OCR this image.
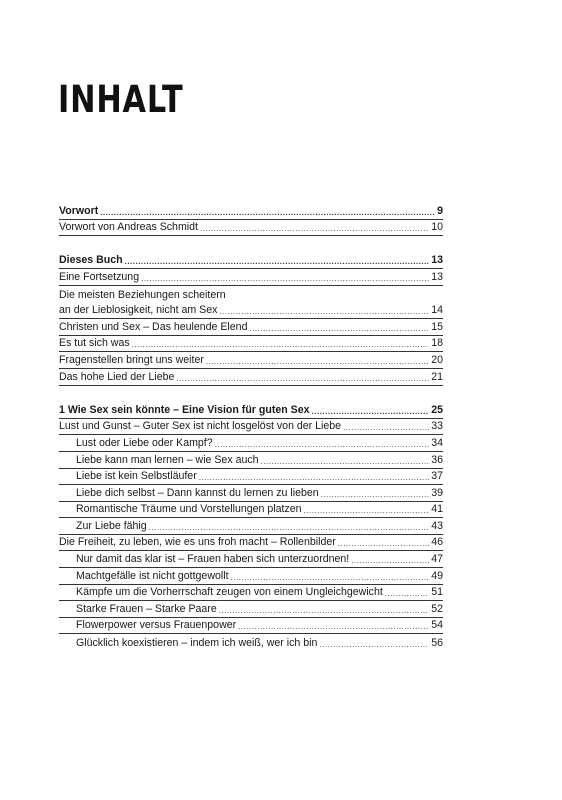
INHALT
Vorwort .....	9
Vorwort von Andreas Schmidt .....	10
Dieses Buch .....	13
Eine Fortsetzung .....	13
Die meisten Beziehungen scheitern
an der Lieblosigkeit, nicht am Sex .....	14
Christen und Sex – Das heulende Elend .....	15
Es tut sich was .....	18
Fragenstellen bringt uns weiter .....	20
Das hohe Lied der Liebe .....	21
1 Wie Sex sein könnte – Eine Vision für guten Sex .....	25
Lust und Gunst – Guter Sex ist nicht losgelöst von der Liebe .....	33
Lust oder Liebe oder Kampf? .....	34
Liebe kann man lernen – wie Sex auch .....	36
Liebe ist kein Selbstläufer .....	37
Liebe dich selbst – Dann kannst du lernen zu lieben .....	39
Romantische Träume und Vorstellungen platzen .....	41
Zur Liebe fähig .....	43
Die Freiheit, zu leben, wie es uns froh macht – Rollenbilder .....	46
Nur damit das klar ist – Frauen haben sich unterzuordnen! .....	47
Machtgefälle ist nicht gottgewollt .....	49
Kämpfe um die Vorherrschaft zeugen von einem Ungleichgewicht .....	51
Starke Frauen – Starke Paare .....	52
Flowerpower versus Frauenpower .....	54
Glücklich koexistieren – indem ich weiß, wer ich bin .....	56
